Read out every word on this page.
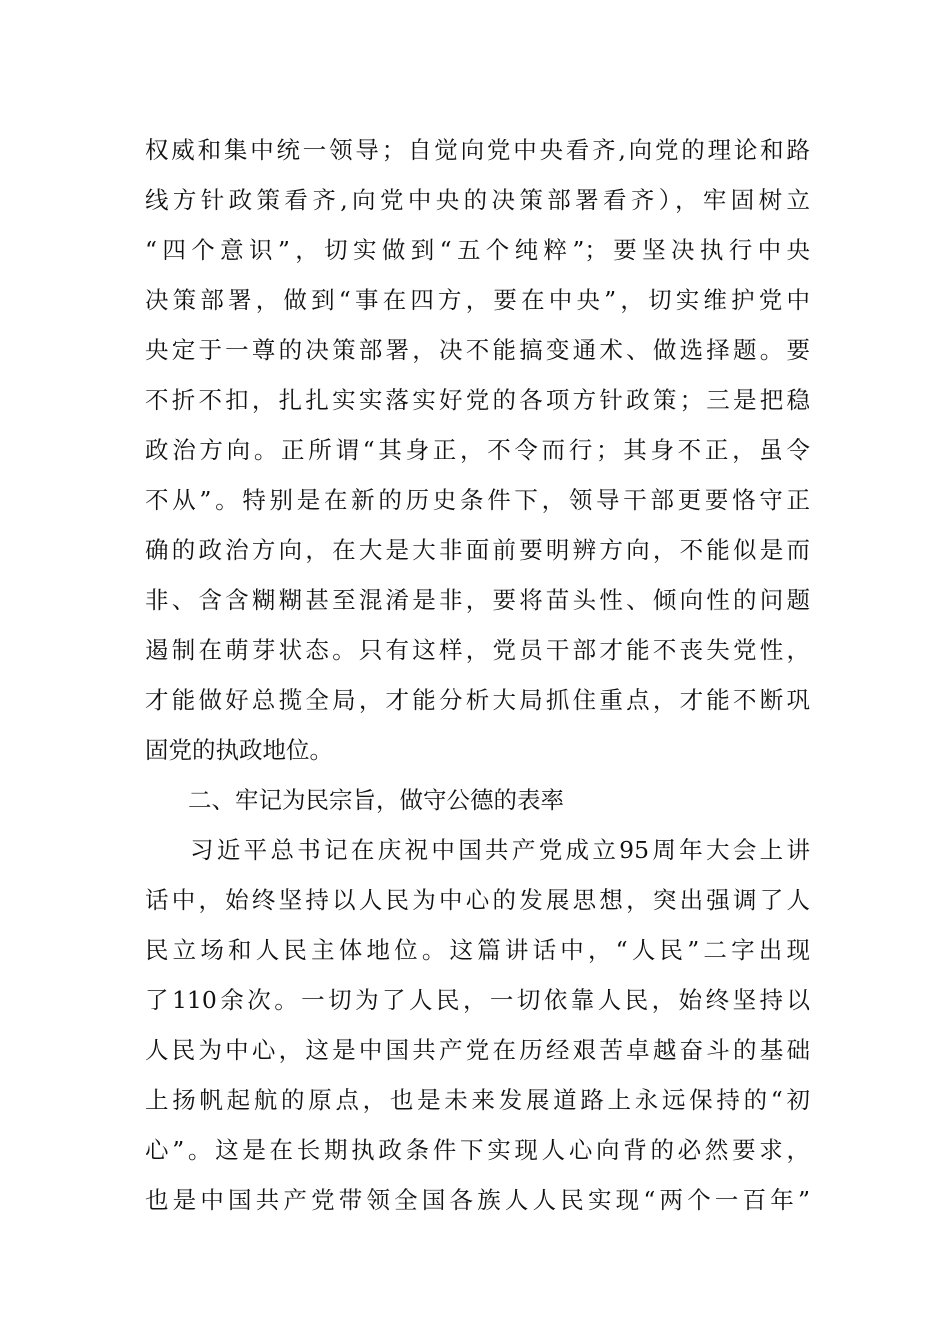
权威和集中统一领导；自觉向党中央看齐,向党的理论和路
线方针政策看齐,向党中央的决策部署看齐），牢固树立
“四个意识”，切实做到“五个纯粹”；要坚决执行中央
决策部署，做到“事在四方，要在中央”，切实维护党中
央定于一尊的决策部署，决不能搞变通术、做选择题。要
不折不扣，扎扎实实落实好党的各项方针政策；三是把稳
政治方向。正所谓“其身正，不令而行；其身不正，虽令
不从”。特别是在新的历史条件下，领导干部更要恪守正
确的政治方向，在大是大非面前要明辨方向，不能似是而
非、含含糊糊甚至混淆是非，要将苗头性、倾向性的问题
遏制在萌芽状态。只有这样，党员干部才能不丧失党性，
才能做好总揽全局，才能分析大局抓住重点，才能不断巩
固党的执政地位。
二、牢记为民宗旨，做守公德的表率
习近平总书记在庆祝中国共产党成立95周年大会上讲
话中，始终坚持以人民为中心的发展思想，突出强调了人
民立场和人民主体地位。这篇讲话中，“人民”二字出现
了110余次。一切为了人民，一切依靠人民，始终坚持以
人民为中心，这是中国共产党在历经艰苦卓越奋斗的基础
上扬帆起航的原点，也是未来发展道路上永远保持的“初
心”。这是在长期执政条件下实现人心向背的必然要求，
也是中国共产党带领全国各族人人民实现“两个一百年”
